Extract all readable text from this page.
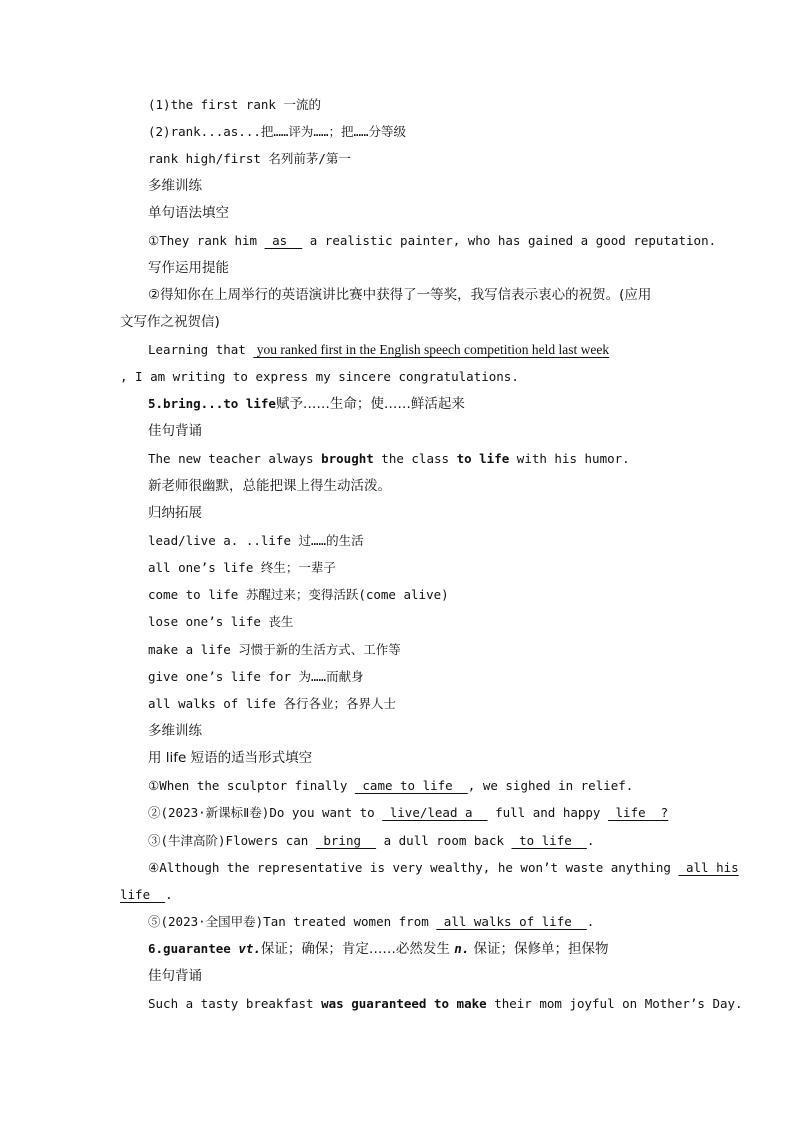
(1)the first rank 一流的
(2)rank...as...把……评为……；把……分等级
rank high/first 名列前茅/第一
多维训练
单句语法填空
①They rank him  as   a realistic painter, who has gained a good reputation.
写作运用提能
②得知你在上周举行的英语演讲比赛中获得了一等奖，我写信表示衷心的祝贺。(应用
文写作之祝贺信)
Learning that  you ranked first in the English speech competition held last week
, I am writing to express my sincere congratulations.
5.bring...to life赋予……生命；使……鲜活起来
佳句背诵
The new teacher always brought the class to life with his humor.
新老师很幽默，总能把课上得生动活泼。
归纳拓展
lead/live a. ..life 过……的生活
all one’s life 终生；一辈子
come to life 苏醒过来；变得活跃(come alive)
lose one’s life 丧生
make a life 习惯于新的生活方式、工作等
give one’s life for 为……而献身
all walks of life 各行各业；各界人士
多维训练
用 life 短语的适当形式填空
①When the sculptor finally  came to life  , we sighed in relief.
②(2023·新课标Ⅱ卷)Do you want to  live/lead a   full and happy  life  ?
③(牛津高阶)Flowers can  bring   a dull room back  to life  .
④Although the representative is very wealthy, he won’t waste anything  all his
life  .
⑤(2023·全国甲卷)Tan treated women from  all walks of life  .
6.guarantee vt.保证；确保；肯定……必然发生 n. 保证；保修单；担保物
佳句背诵
Such a tasty breakfast was guaranteed to make their mom joyful on Mother’s Day.
